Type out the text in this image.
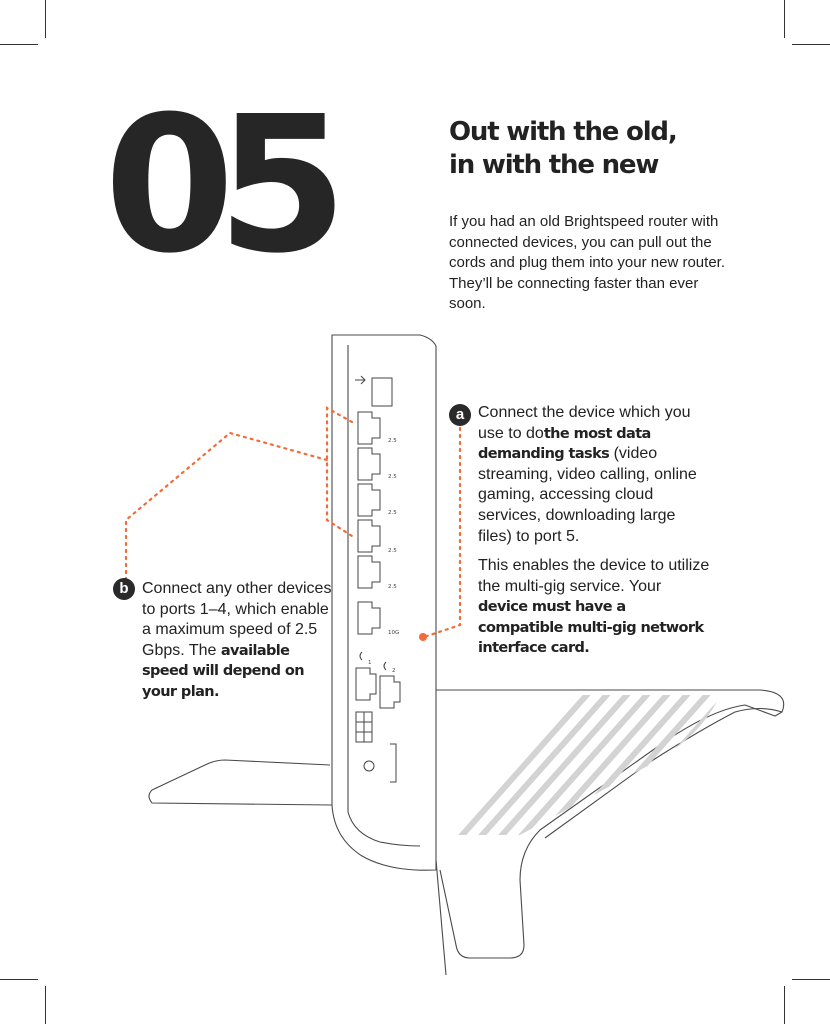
2.5
2.5
2.5
2.5
2.5
10G
1
2
05	Out with the old,
in with the new

If you had an old Brightspeed router with connected devices, you can pull out the cords and plug them into your new router. They’ll be connecting faster than ever soon.

a Connect the device which you use to dothe most data demanding tasks (video streaming, video calling, online gaming, accessing cloud services, downloading large files) to port 5.

This enables the device to utilize the multi-gig service. Your device must have a compatible multi-gig network interface card.

b Connect any other devices to ports 1–4, which enable a maximum speed of 2.5 Gbps. The available speed will depend on your plan.
